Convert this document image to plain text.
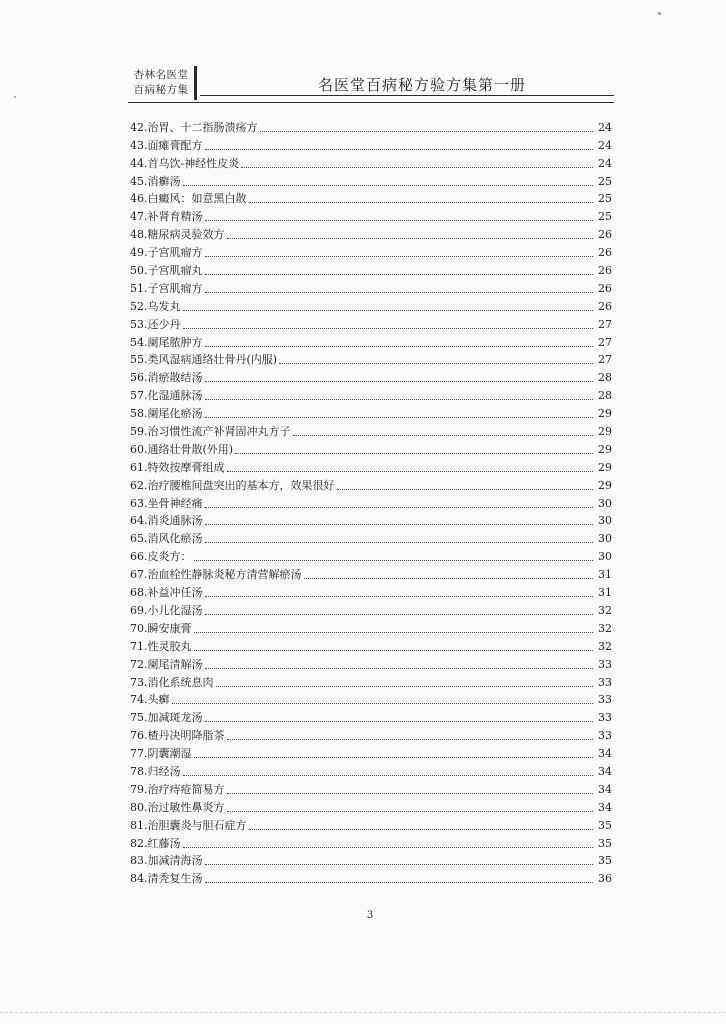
杏林名医堂
百病秘方集	名医堂百病秘方验方集第一册
42.治胃、十二指肠溃疡方	24
43.面瘫膏配方	24
44.首乌饮-神经性皮炎	24
45.消癣汤	25
46.白癜风：如意黑白散	25
47.补肾育精汤	25
48.糖尿病灵验效方	26
49.子宫肌瘤方	26
50.子宫肌瘤丸	26
51.子宫肌瘤方	26
52.乌发丸	26
53.还少丹	27
54.阑尾脓肿方	27
55.类风湿病通络壮骨丹(内服)	27
56.消瘀散结汤	28
57.化湿通脉汤	28
58.阑尾化瘀汤	29
59.治习惯性流产补肾固冲丸方子	29
60.通络壮骨散(外用)	29
61.特效按摩膏组成	29
62.治疗腰椎间盘突出的基本方，效果很好	29
63.坐骨神经痛	30
64.消炎通脉汤	30
65.消风化瘀汤	30
66.皮炎方：	30
67.治血栓性静脉炎秘方清营解瘀汤	31
68.补益冲任汤	31
69.小儿化湿汤	32
70.瞬安康膏	32
71.性灵胶丸	32
72.阑尾清解汤	33
73.消化系统息肉	33
74.头癣	33
75.加减斑龙汤	33
76.楂丹决明降脂茶	33
77.阴囊潮湿	34
78.归经汤	34
79.治疗痔疮简易方	34
80.治过敏性鼻炎方	34
81.治胆囊炎与胆石症方	35
82.红藤汤	35
83.加减清海汤	35
84.清秃复生汤	36
3
